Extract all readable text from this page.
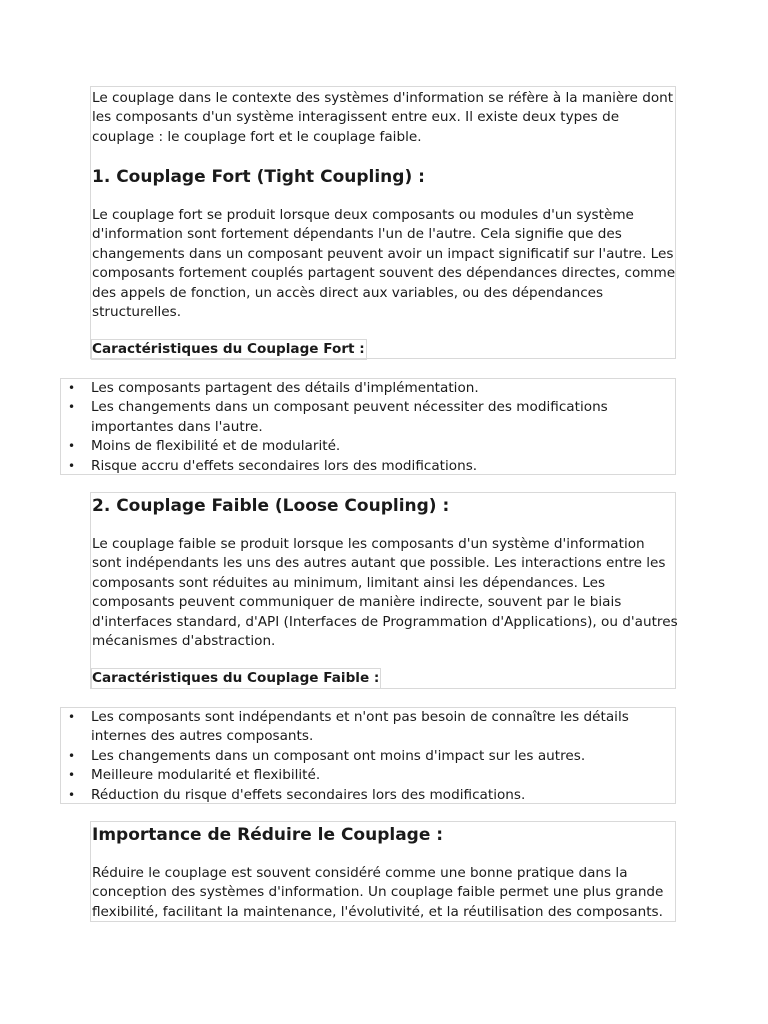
Le couplage dans le contexte des systèmes d'information se réfère à la manière dont les composants d'un système interagissent entre eux. Il existe deux types de couplage : le couplage fort et le couplage faible.

1. Couplage Fort (Tight Coupling) :

Le couplage fort se produit lorsque deux composants ou modules d'un système d'information sont fortement dépendants l'un de l'autre. Cela signifie que des changements dans un composant peuvent avoir un impact significatif sur l'autre. Les composants fortement couplés partagent souvent des dépendances directes, comme des appels de fonction, un accès direct aux variables, ou des dépendances structurelles.

Caractéristiques du Couplage Fort :
• Les composants partagent des détails d'implémentation.
• Les changements dans un composant peuvent nécessiter des modifications importantes dans l'autre.
• Moins de flexibilité et de modularité.
• Risque accru d'effets secondaires lors des modifications.
2. Couplage Faible (Loose Coupling) :

Le couplage faible se produit lorsque les composants d'un système d'information sont indépendants les uns des autres autant que possible. Les interactions entre les composants sont réduites au minimum, limitant ainsi les dépendances. Les composants peuvent communiquer de manière indirecte, souvent par le biais d'interfaces standard, d'API (Interfaces de Programmation d'Applications), ou d'autres mécanismes d'abstraction.

Caractéristiques du Couplage Faible :
• Les composants sont indépendants et n'ont pas besoin de connaître les détails internes des autres composants.
• Les changements dans un composant ont moins d'impact sur les autres.
• Meilleure modularité et flexibilité.
• Réduction du risque d'effets secondaires lors des modifications.
Importance de Réduire le Couplage :

Réduire le couplage est souvent considéré comme une bonne pratique dans la conception des systèmes d'information. Un couplage faible permet une plus grande flexibilité, facilitant la maintenance, l'évolutivité, et la réutilisation des composants.
